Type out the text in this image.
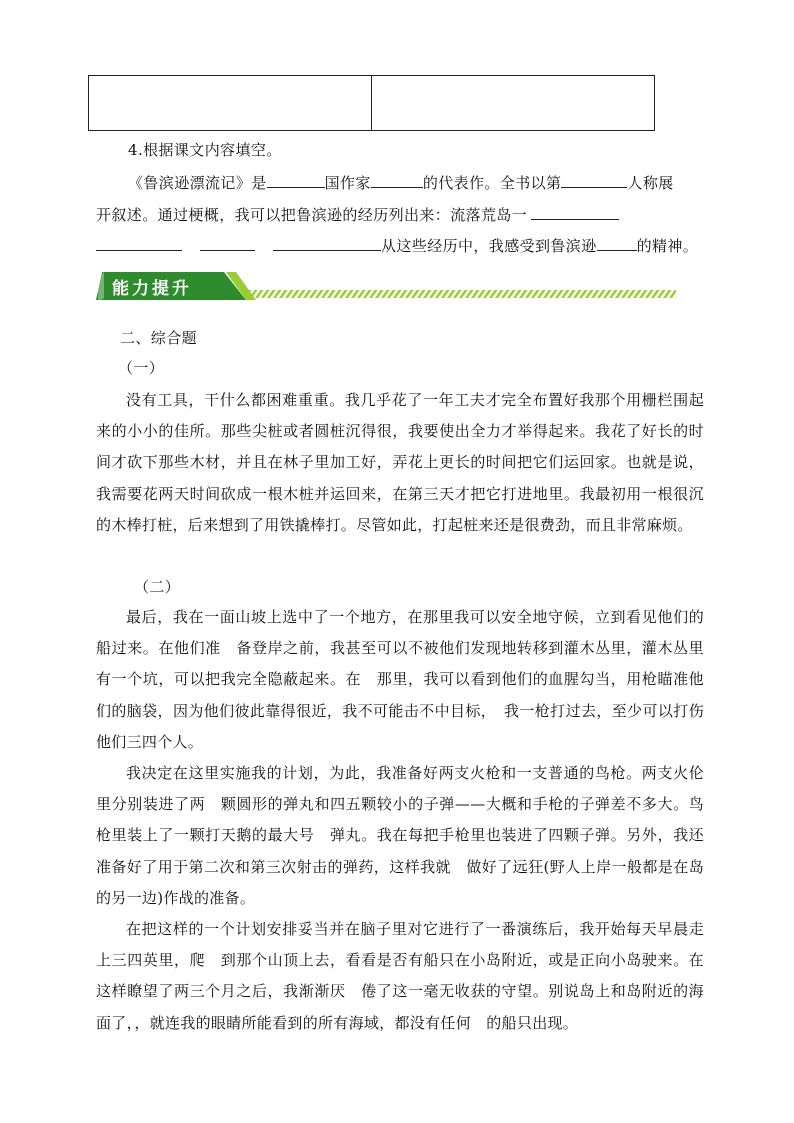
4.根据课文内容填空。
《鲁滨逊漂流记》是	国作家	的代表作。全书以第	人称展
开叙述。通过梗概，我可以把鲁滨逊的经历列出来：流落荒岛一
从这些经历中，我感受到鲁滨逊	的精神。
能力提升
二、综合题
（一）
没有工具，干什么都困难重重。我几乎花了一年工夫才完全布置好我那个用栅栏围起来的小小的佳所。那些尖桩或者圆桩沉得很，我要使出全力才举得起来。我花了好长的时间才砍下那些木材，并且在林子里加工好，弄花上更长的时间把它们运回家。也就是说，我需要花两天时间砍成一根木桩并运回来，在第三天才把它打进地里。我最初用一根很沉的木棒打桩，后来想到了用铁撬棒打。尽管如此，打起桩来还是很费劲，而且非常麻烦。
（二）
最后，我在一面山坡上选中了一个地方，在那里我可以安全地守候，立到看见他们的船过来。在他们准　备登岸之前，我甚至可以不被他们发现地转移到灌木丛里，灌木丛里有一个坑，可以把我完全隐蔽起来。在　那里，我可以看到他们的血腥勾当，用枪瞄准他们的脑袋，因为他们彼此靠得很近，我不可能击不中目标，　我一枪打过去，至少可以打伤他们三四个人。
我决定在这里实施我的计划，为此，我准备好两支火枪和一支普通的鸟枪。两支火伦里分别装进了两　颗圆形的弹丸和四五颗较小的子弹——大概和手枪的子弹差不多大。鸟枪里装上了一颗打天鹅的最大号　弹丸。我在每把手枪里也装进了四颗子弹。另外，我还准备好了用于第二次和第三次射击的弹药，这样我就　做好了远狂(野人上岸一般都是在岛的另一边)作战的准备。
在把这样的一个计划安排妥当并在脑子里对它进行了一番演练后，我开始每天早晨走上三四英里，爬　到那个山顶上去，看看是否有船只在小岛附近，或是正向小岛驶来。在这样瞭望了两三个月之后，我渐渐厌　倦了这一毫无收获的守望。别说岛上和岛附近的海面了，，就连我的眼睛所能看到的所有海域，都没有任何　的船只出现。
